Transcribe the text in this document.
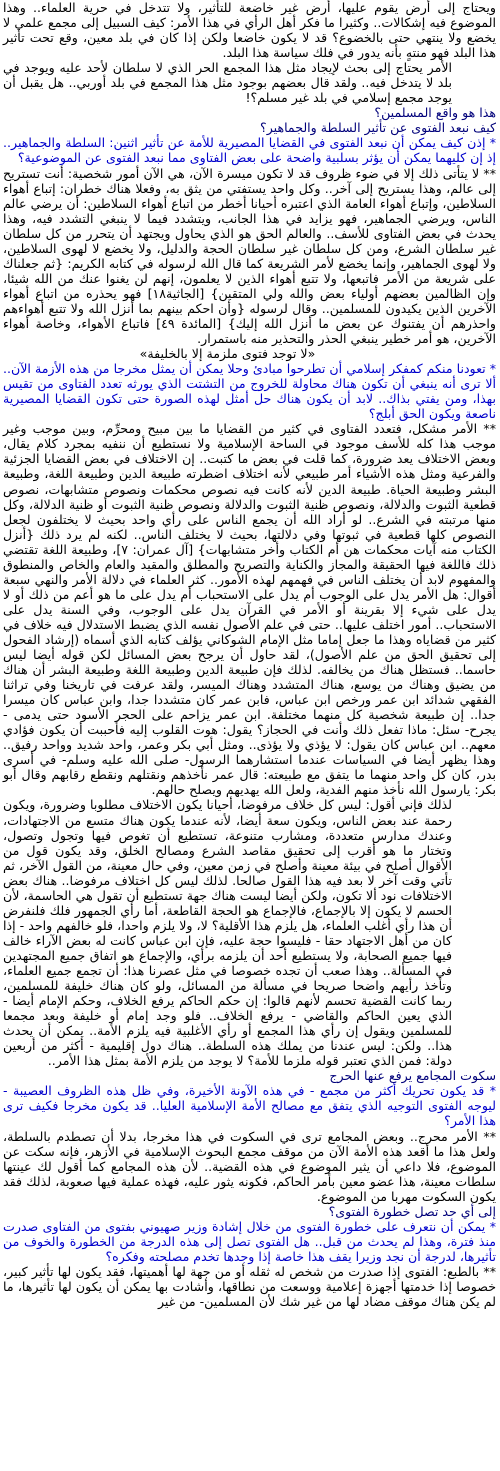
ويحتاج إلى أرض يقوم عليها، أرض غير خاضعة للتأثير، ولا تتدخل في حرية العلماء.. وهذا الموضوع فيه إشكالات.. وكثيرا ما فكر أهل الرأي في هذا الأمر: كيف السبيل إلى مجمع علمي لا يخضع ولا ينتهي حتى بالخضوع؟ قد لا يكون خاضعا ولكن إذا كان في بلد معين، وقع تحت تأثير هذا البلد فهو منتهٍ بأنه يدور في فلك سياسة هذا البلد.

الأمر يحتاج إلى بحث لإيجاد مثل هذا المجمع الحر الذي لا سلطان لأحد عليه ويوجد في بلد لا يتدخل فيه.. ولقد قال بعضهم بوجود مثل هذا المجمع في بلد أوربي.. هل يقبل أن يوجد مجمع إسلامي في بلد غير مسلم؟!

هذا هو واقع المسلمين؟

كيف نبعد الفتوى عن تأثير السلطة والجماهير؟

* إذن كيف يمكن أن نبعد الفتوى في القضايا المصيرية للأمة عن تأثير اثنين: السلطة والجماهير.. إذ إن كليهما يمكن أن يؤثر بسلبية واضحة على بعض الفتاوى مما نبعد الفتوى عن الموضوعية؟

** لا يتأتى ذلك إلا في ضوء ظروف قد لا تكون ميسرة الآن، هي الآن أمور شخصية: أنت تستريح إلى عالم، وهذا يستريح إلى آخر.. وكل واحد يستفتي من يثق به، وفعلا هناك خطران: إتباع أهواء السلاطين، وإتباع أهواء العامة الذي اعتبره أحيانا أخطر من اتباع أهواء السلاطين: أن يرضي عالم الناس، ويرضي الجماهير، فهو يزايد في هذا الجانب، ويتشدد فيما لا ينبغي التشدد فيه، وهذا يحدث في بعض الفتاوى للأسف.. والعالم الحق هو الذي يحاول ويجتهد أن يتحرر من كل سلطان غير سلطان الشرع، ومن كل سلطان غير سلطان الحجة والدليل، ولا يخضع لا لهوى السلاطين، ولا لهوى الجماهير، وإنما يخضع لأمر الشريعة كما قال الله لرسوله في كتابه الكريم: {ثم جعلناك على شريعة من الأمر فاتبعها، ولا تتبع أهواء الذين لا يعلمون، إنهم لن يغنوا عنك من الله شيئا، وإن الظالمين بعضهم أولياء بعض والله ولي المتقين} [الجاثية١٨] فهو يحذره من اتباع أهواء الآخرين الذين يكيدون للمسلمين.. وقال لرسوله {وأن احكم بينهم بما أنزل الله ولا تتبع أهواءهم واحذرهم أن يفتنوك عن بعض ما أنزل الله إليك} [المائدة ٤٩] فاتباع الأهواء، وخاصة أهواء الآخرين، هو أمر خطير ينبغي الحذر والتحذير منه باستمرار.

«لا توجد فتوى ملزمة إلا بالخليفة»

* تعودنا منكم كمفكر إسلامي أن تطرحوا مبادئ وحلا يمكن أن يمثل مخرجا من هذه الأزمة الآن.. ألا ترى أنه ينبغي أن تكون هناك محاولة للخروج من التشتت الذي يورثه تعدد الفتاوى من تقيس بهذا، ومن يفتي بذاك.. لابد أن يكون هناك حل أمثل لهذه الصورة حتى تكون القضايا المصيرية ناصعة ويكون الحق أبلج؟

** الأمر مشكل، فتعدد الفتاوى في كثير من القضايا ما بين مبيح ومحرِّم، وبين موجب وغير موجب هذا كله للأسف موجود في الساحة الإسلامية ولا نستطيع أن ننفيه بمجرد كلام يقال، وبعض الاختلاف يعد ضرورة، كما قلت في بعض ما كتبت.. إن الاختلاف في بعض القضايا الجزئية والفرعية ومثل هذه الأشياء أمر طبيعي لأنه اختلاف اضطرته طبيعة الدين وطبيعة اللغة، وطبيعة البشر وطبيعة الحياة. طبيعة الدين لأنه كانت فيه نصوص محكمات ونصوص متشابهات، نصوص قطعية الثبوت والدلالة، ونصوص ظنية الثبوت والدلالة ونصوص ظنية الثبوت أو ظنية الدلالة، وكل منها مرتبته في الشرع.. لو أراد الله أن يجمع الناس على رأي واحد بحيث لا يختلفون لجعل النصوص كلها قطعية في ثبوتها وفي دلالتها، بحيث لا يختلف الناس.. لكنه لم يرد ذلك {أنزل الكتاب منه آيات محكمات هن أم الكتاب وأخر متشابهات} [آل عمران: ٧]، وطبيعة اللغة تقتضي ذلك فاللغة فيها الحقيقة والمجاز والكناية والتصريح والمطلق والمقيد والعام والخاص والمنطوق والمفهوم لابد أن يختلف الناس في فهمهم لهذه الأمور.. كثر العلماء في دلالة الأمر والنهي سبعة أقوال: هل الأمر يدل على الوجوب أم يدل على الاستحباب أم يدل على ما هو أعم من ذلك أو لا يدل على شيء إلا بقرينة أو الأمر في القرآن يدل على الوجوب، وفي السنة يدل على الاستحباب.. أمور اختلف عليها.. حتى في علم الأصول نفسه الذي يضبط الاستدلال فيه خلاف في كثير من قضاياه وهذا ما جعل إماما مثل الإمام الشوكاني يؤلف كتابه الذي أسماه (إرشاد الفحول إلى تحقيق الحق من علم الأصول)، لقد حاول أن يرجح بعض المسائل لكن قوله أيضا ليس حاسما.. فستظل هناك من يخالفه. لذلك فإن طبيعة الدين وطبيعة اللغة وطبيعة البشر أن هناك من يضيق وهناك من يوسع، هناك المتشدد وهناك الميسر، ولقد عرفت في تاريخنا وفي تراثنا الفقهي شدائد ابن عمر ورخص ابن عباس، فابن عمر كان متشددا جدا، وابن عباس كان ميسرا جدا.. إن طبيعة شخصية كل منهما مختلفة. ابن عمر يزاحم على الحجر الأسود حتى يدمى - يجرح- سئل: ماذا تفعل ذلك وأنت في الحجاز؟ يقول: هوت القلوب إليه فأحببت أن يكون فؤادي معهم.. ابن عباس كان يقول: لا يؤذي ولا يؤذى.. ومثل أبي بكر وعمر، واحد شديد وواحد رفيق.. وهذا يظهر أيضا في السياسات عندما استشارهما الرسول- صلى الله عليه وسلم- في أسرى بدر، كان كل واحد منهما ما يتفق مع طبيعته: قال عمر نأخذهم ونقتلهم ونقطع رقابهم وقال أبو بكر: يارسول الله نأخذ منهم الفدية، ولعل الله يهديهم ويصلح حالهم.

لذلك فإني أقول: ليس كل خلاف مرفوضا، أحيانا يكون الاختلاف مطلوبا وضرورة، ويكون رحمة عند بعض الناس، ويكون سعة أيضا، لأنه عندما يكون هناك متسع من الاجتهادات، وعندك مدارس متعددة، ومشارب متنوعة، تستطيع أن تغوص فيها وتجول وتصول، وتختار ما هو أقرب إلى تحقيق مقاصد الشرع ومصالح الخلق، وقد يكون قول من الأقوال أصلح في بيئة معينة وأصلح في زمن معين، وفي حال معينة، من القول الآخر، ثم تأتي وقت آخر لا بعد فيه هذا القول صالحا. لذلك ليس كل اختلاف مرفوضا.. هناك بعض الاختلافات نود ألا تكون، ولكن أيضا ليست هناك جهة تستطيع أن تقول هي الحاسمة، لأن الحسم لا يكون إلا بالإجماع، فالإجماع هو الحجة القاطعة، أما رأي الجمهور فلك فلنفرض أن هذا رأي أغلب العلماء، هل يلزم هذا الأقلية؟ لا، ولا يلزم واحدا، فلو خالفهم واحد - إذا كان من أهل الاجتهاد حقا - فليسوا حجة عليه، فإن ابن عباس كانت له بعض الآراء خالف فيها جميع الصحابة، ولا يستطيع أحد أن يلزمه برأي، والإجماع هو اتفاق جميع المجتهدين في المسألة.. وهذا صعب أن تجده خصوصا في مثل عصرنا هذا: أن تجمع جميع العلماء، وتأخذ رأيهم واضحا صريحا في مسألة من المسائل، ولو كان هناك خليفة للمسلمين، ربما كانت القضية تحسم لأنهم قالوا: إن حكم الحاكم يرفع الخلاف، وحكم الإمام أيضا - الذي يعين الحاكم والقاضي - يرفع الخلاف.. فلو وجد إمام أو خليفة وبعد مجمعا للمسلمين ويقول إن رأي هذا المجمع أو رأي الأغلبية فيه يلزم الأمة.. يمكن أن يحدث هذا.. ولكن: ليس عندنا من يملك هذه السلطة.. هناك دول إقليمية - أكثر من أربعين دولة: فمن الذي تعتبر قوله ملزما للأمة؟ لا يوجد من يلزم الأمة بمثل هذا الأمر..

سكوت المجامع يرفع عنها الحرج

* قد يكون تحريك أكثر من مجمع - في هذه الآونة الأخيرة، وفي ظل هذه الظروف العصيبة - ليوجه الفتوى التوجيه الذي يتفق مع مصالح الأمة الإسلامية العليا.. قد يكون مخرجا فكيف ترى هذا الأمر؟

** الأمر محرج.. وبعض المجامع ترى في السكوت في هذا مخرجا، بدلا أن تصطدم بالسلطة، ولعل هذا ما أقعد هذه الأمة الآن من موقف مجمع البحوث الإسلامية في الأزهر، فإنه سكت عن الموضوع، فلا داعي أن يثير الموضوع في هذه القضية.. لأن هذه المجامع كما أقول لك عينتها سلطات معينة، هذا عضو معين بأمر الحاكم، فكونه يثور عليه، فهذه عملية فيها صعوبة، لذلك فقد يكون السكوت مهربا من الموضوع.

إلى أي حد تصل خطورة الفتوى؟

* يمكن أن نتعرف على خطورة الفتوى من خلال إشادة وزير صهيوني بفتوى من الفتاوى صدرت منذ فترة، وهذا لم يحدث من قبل.. هل الفتوى تصل إلى هذه الدرجة من الخطورة والخوف من تأثيرها، لدرجة أن نجد وزيرا يقف هذا خاصة إذا وجدها تخدم مصلحته وفكره؟

** بالطبع: الفتوى إذا صدرت من شخص له ثقله أو من جهة لها أهميتها، فقد يكون لها تأثير كبير، خصوصا إذا خدمتها أجهزة إعلامية ووسعت من نطاقها، وأشادت بها يمكن أن يكون لها تأثيرها، ما لم يكن هناك موقف مضاد لها من غير شك لأن المسلمين- من غير
